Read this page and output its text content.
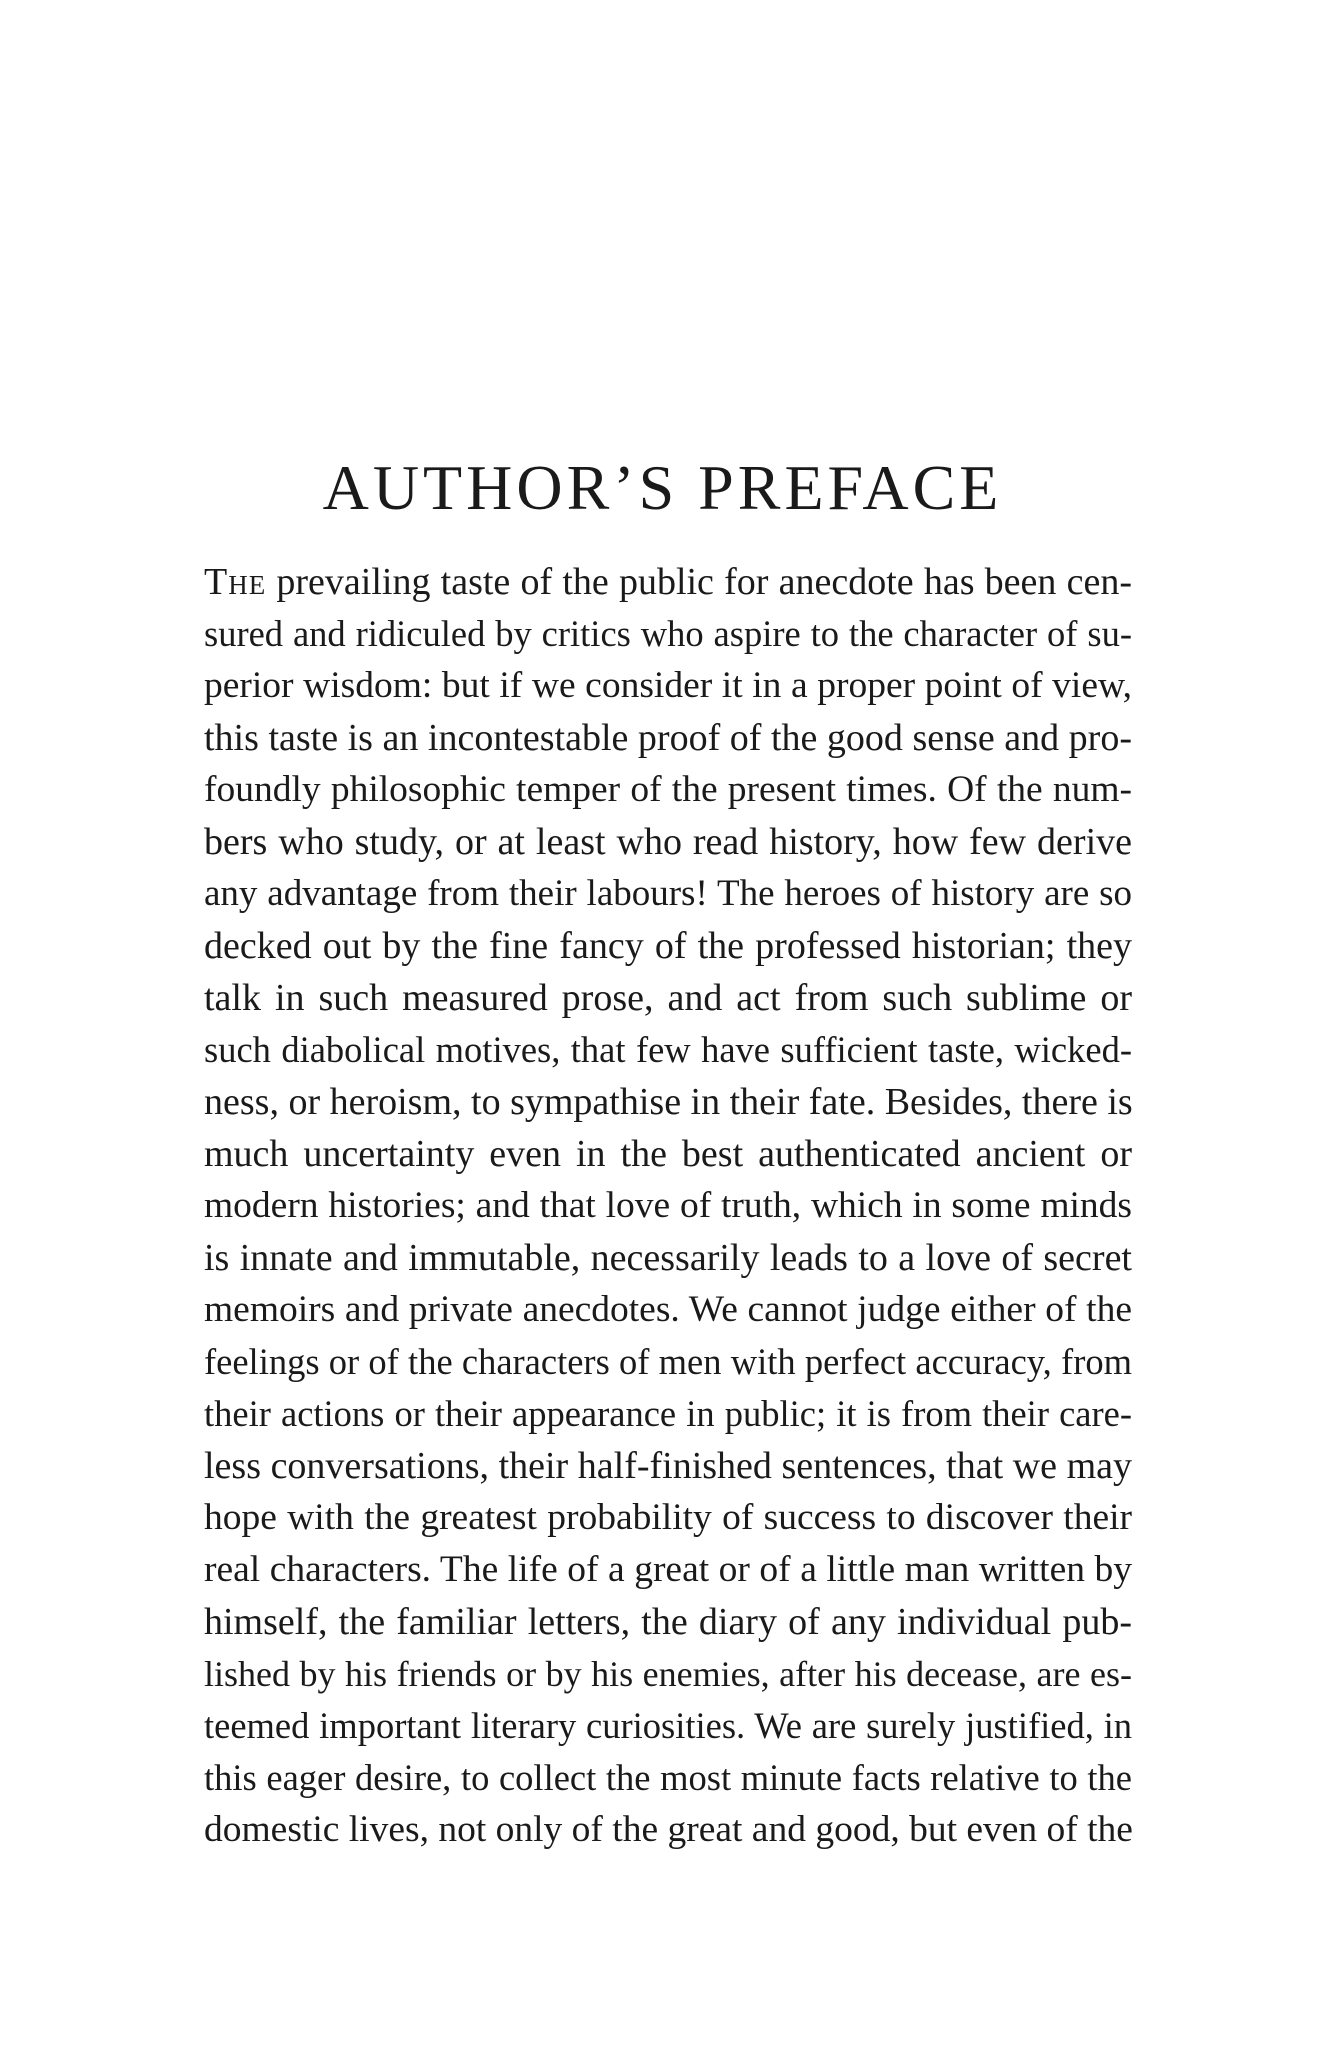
AUTHOR’S PREFACE
The prevailing taste of the public for anecdote has been cen-
sured and ridiculed by critics who aspire to the character of su-
perior wisdom: but if we consider it in a proper point of view,
this taste is an incontestable proof of the good sense and pro-
foundly philosophic temper of the present times. Of the num-
bers who study, or at least who read history, how few derive
any advantage from their labours! The heroes of history are so
decked out by the fine fancy of the professed historian; they
talk in such measured prose, and act from such sublime or
such diabolical motives, that few have sufficient taste, wicked-
ness, or heroism, to sympathise in their fate. Besides, there is
much uncertainty even in the best authenticated ancient or
modern histories; and that love of truth, which in some minds
is innate and immutable, necessarily leads to a love of secret
memoirs and private anecdotes. We cannot judge either of the
feelings or of the characters of men with perfect accuracy, from
their actions or their appearance in public; it is from their care-
less conversations, their half-finished sentences, that we may
hope with the greatest probability of success to discover their
real characters. The life of a great or of a little man written by
himself, the familiar letters, the diary of any individual pub-
lished by his friends or by his enemies, after his decease, are es-
teemed important literary curiosities. We are surely justified, in
this eager desire, to collect the most minute facts relative to the
domestic lives, not only of the great and good, but even of the
